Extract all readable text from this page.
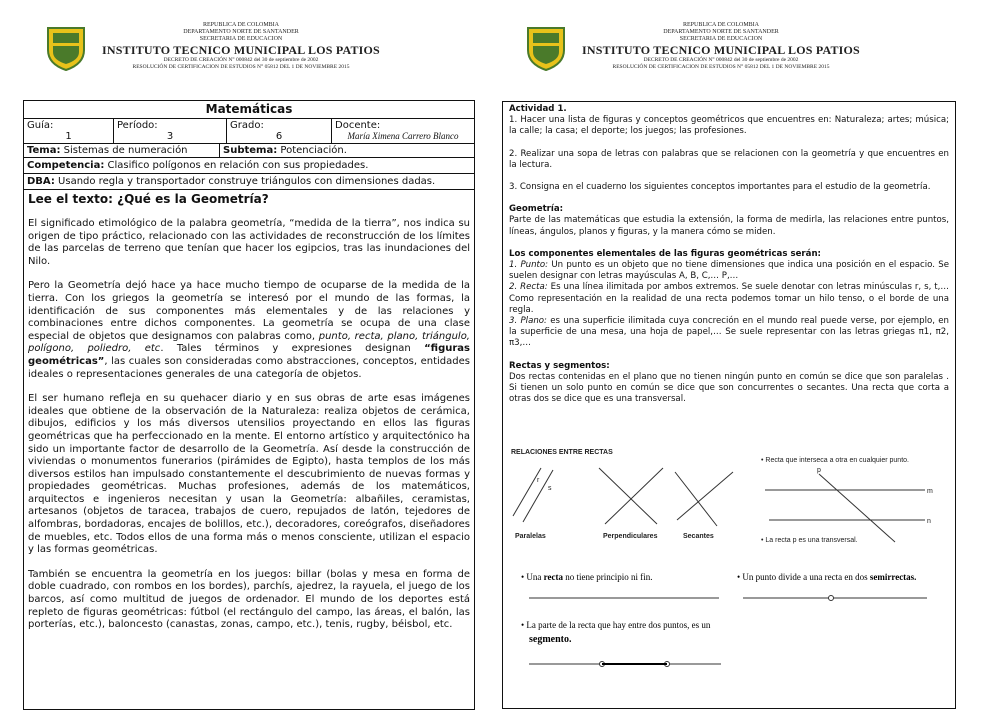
REPUBLICA DE COLOMBIA
DEPARTAMENTO NORTE DE SANTANDER
SECRETARIA DE EDUCACION
INSTITUTO TECNICO MUNICIPAL LOS PATIOS
DECRETO DE CREACIÓN N° 000842 del 30 de septiembre de 2002
RESOLUCIÓN DE CERTIFICACION DE ESTUDIOS N° 05812 DEL 1 DE NOVIEMBRE 2015
REPUBLICA DE COLOMBIA
DEPARTAMENTO NORTE DE SANTANDER
SECRETARIA DE EDUCACION
INSTITUTO TECNICO MUNICIPAL LOS PATIOS
DECRETO DE CREACIÓN N° 000842 del 30 de septiembre de 2002
RESOLUCIÓN DE CERTIFICACION DE ESTUDIOS N° 05812 DEL 1 DE NOVIEMBRE 2015
Matemáticas
Guía:
1
Período:
3
Grado:
6
Docente:
María Ximena Carrero Blanco
Tema: Sistemas de numeración	Subtema: Potenciación.
Competencia: Clasifico polígonos en relación con sus propiedades.
DBA: Usando regla y transportador construye triángulos con dimensiones dadas.
Lee el texto: ¿Qué es la Geometría?

El significado etimológico de la palabra geometría, “medida de la tierra”, nos indica su origen de tipo práctico, relacionado con las actividades de reconstrucción de los límites de las parcelas de terreno que tenían que hacer los egipcios, tras las inundaciones del Nilo.

Pero la Geometría dejó hace ya hace mucho tiempo de ocuparse de la medida de la tierra. Con los griegos la geometría se interesó por el mundo de las formas, la identificación de sus componentes más elementales y de las relaciones y combinaciones entre dichos componentes. La geometría se ocupa de una clase especial de objetos que designamos con palabras como, punto, recta, plano, triángulo, polígono, poliedro, etc. Tales términos y expresiones designan “figuras geométricas”, las cuales son consideradas como abstracciones, conceptos, entidades ideales o representaciones generales de una categoría de objetos.

El ser humano refleja en su quehacer diario y en sus obras de arte esas imágenes ideales que obtiene de la observación de la Naturaleza: realiza objetos de cerámica, dibujos, edificios y los más diversos utensilios proyectando en ellos las figuras geométricas que ha perfeccionado en la mente. El entorno artístico y arquitectónico ha sido un importante factor de desarrollo de la Geometría. Así desde la construcción de viviendas o monumentos funerarios (pirámides de Egipto), hasta templos de los más diversos estilos han impulsado constantemente el descubrimiento de nuevas formas y propiedades geométricas. Muchas profesiones, además de los matemáticos, arquitectos e ingenieros necesitan y usan la Geometría: albañiles, ceramistas, artesanos (objetos de taracea, trabajos de cuero, repujados de latón, tejedores de alfombras, bordadoras, encajes de bolillos, etc.), decoradores, coreógrafos, diseñadores de muebles, etc. Todos ellos de una forma más o menos consciente, utilizan el espacio y las formas geométricas.

También se encuentra la geometría en los juegos: billar (bolas y mesa en forma de doble cuadrado, con rombos en los bordes), parchís, ajedrez, la rayuela, el juego de los barcos, así como multitud de juegos de ordenador. El mundo de los deportes está repleto de figuras geométricas: fútbol (el rectángulo del campo, las áreas, el balón, las porterías, etc.), baloncesto (canastas, zonas, campo, etc.), tenis, rugby, béisbol, etc.

Actividad 1.

1. Hacer una lista de figuras y conceptos geométricos que encuentres en: Naturaleza; artes; música; la calle; la casa; el deporte; los juegos; las profesiones.

2. Realizar una sopa de letras con palabras que se relacionen con la geometría y que encuentres en la lectura.

3. Consigna en el cuaderno los siguientes conceptos importantes para el estudio de la geometría.

Geometría:

Parte de las matemáticas que estudia la extensión, la forma de medirla, las relaciones entre puntos, líneas, ángulos, planos y figuras, y la manera cómo se miden.

Los componentes elementales de las figuras geométricas serán:

1. Punto: Un punto es un objeto que no tiene dimensiones que indica una posición en el espacio. Se suelen designar con letras mayúsculas A, B, C,… P,…

2. Recta: Es una línea ilimitada por ambos extremos. Se suele denotar con letras minúsculas r, s, t,… Como representación en la realidad de una recta podemos tomar un hilo tenso, o el borde de una regla.

3. Plano: es una superficie ilimitada cuya concreción en el mundo real puede verse, por ejemplo, en la superficie de una mesa, una hoja de papel,… Se suele representar con las letras griegas π1, π2, π3,…

Rectas y segmentos:

Dos rectas contenidas en el plano que no tienen ningún punto en común se dice que son paralelas . Si tienen un solo punto en común se dice que son concurrentes o secantes. Una recta que corta a otras dos se dice que es una transversal.

RELACIONES ENTRE RECTAS
r
s
Paralelas	Perpendiculares	Secantes
• Recta que interseca a otra en cualquier punto.
p
m
n
• La recta p es una transversal.
• Una recta no tiene principio ni fin.	• Un punto divide a una recta en dos semirrectas.
• La parte de la recta que hay entre dos puntos, es un
segmento.
